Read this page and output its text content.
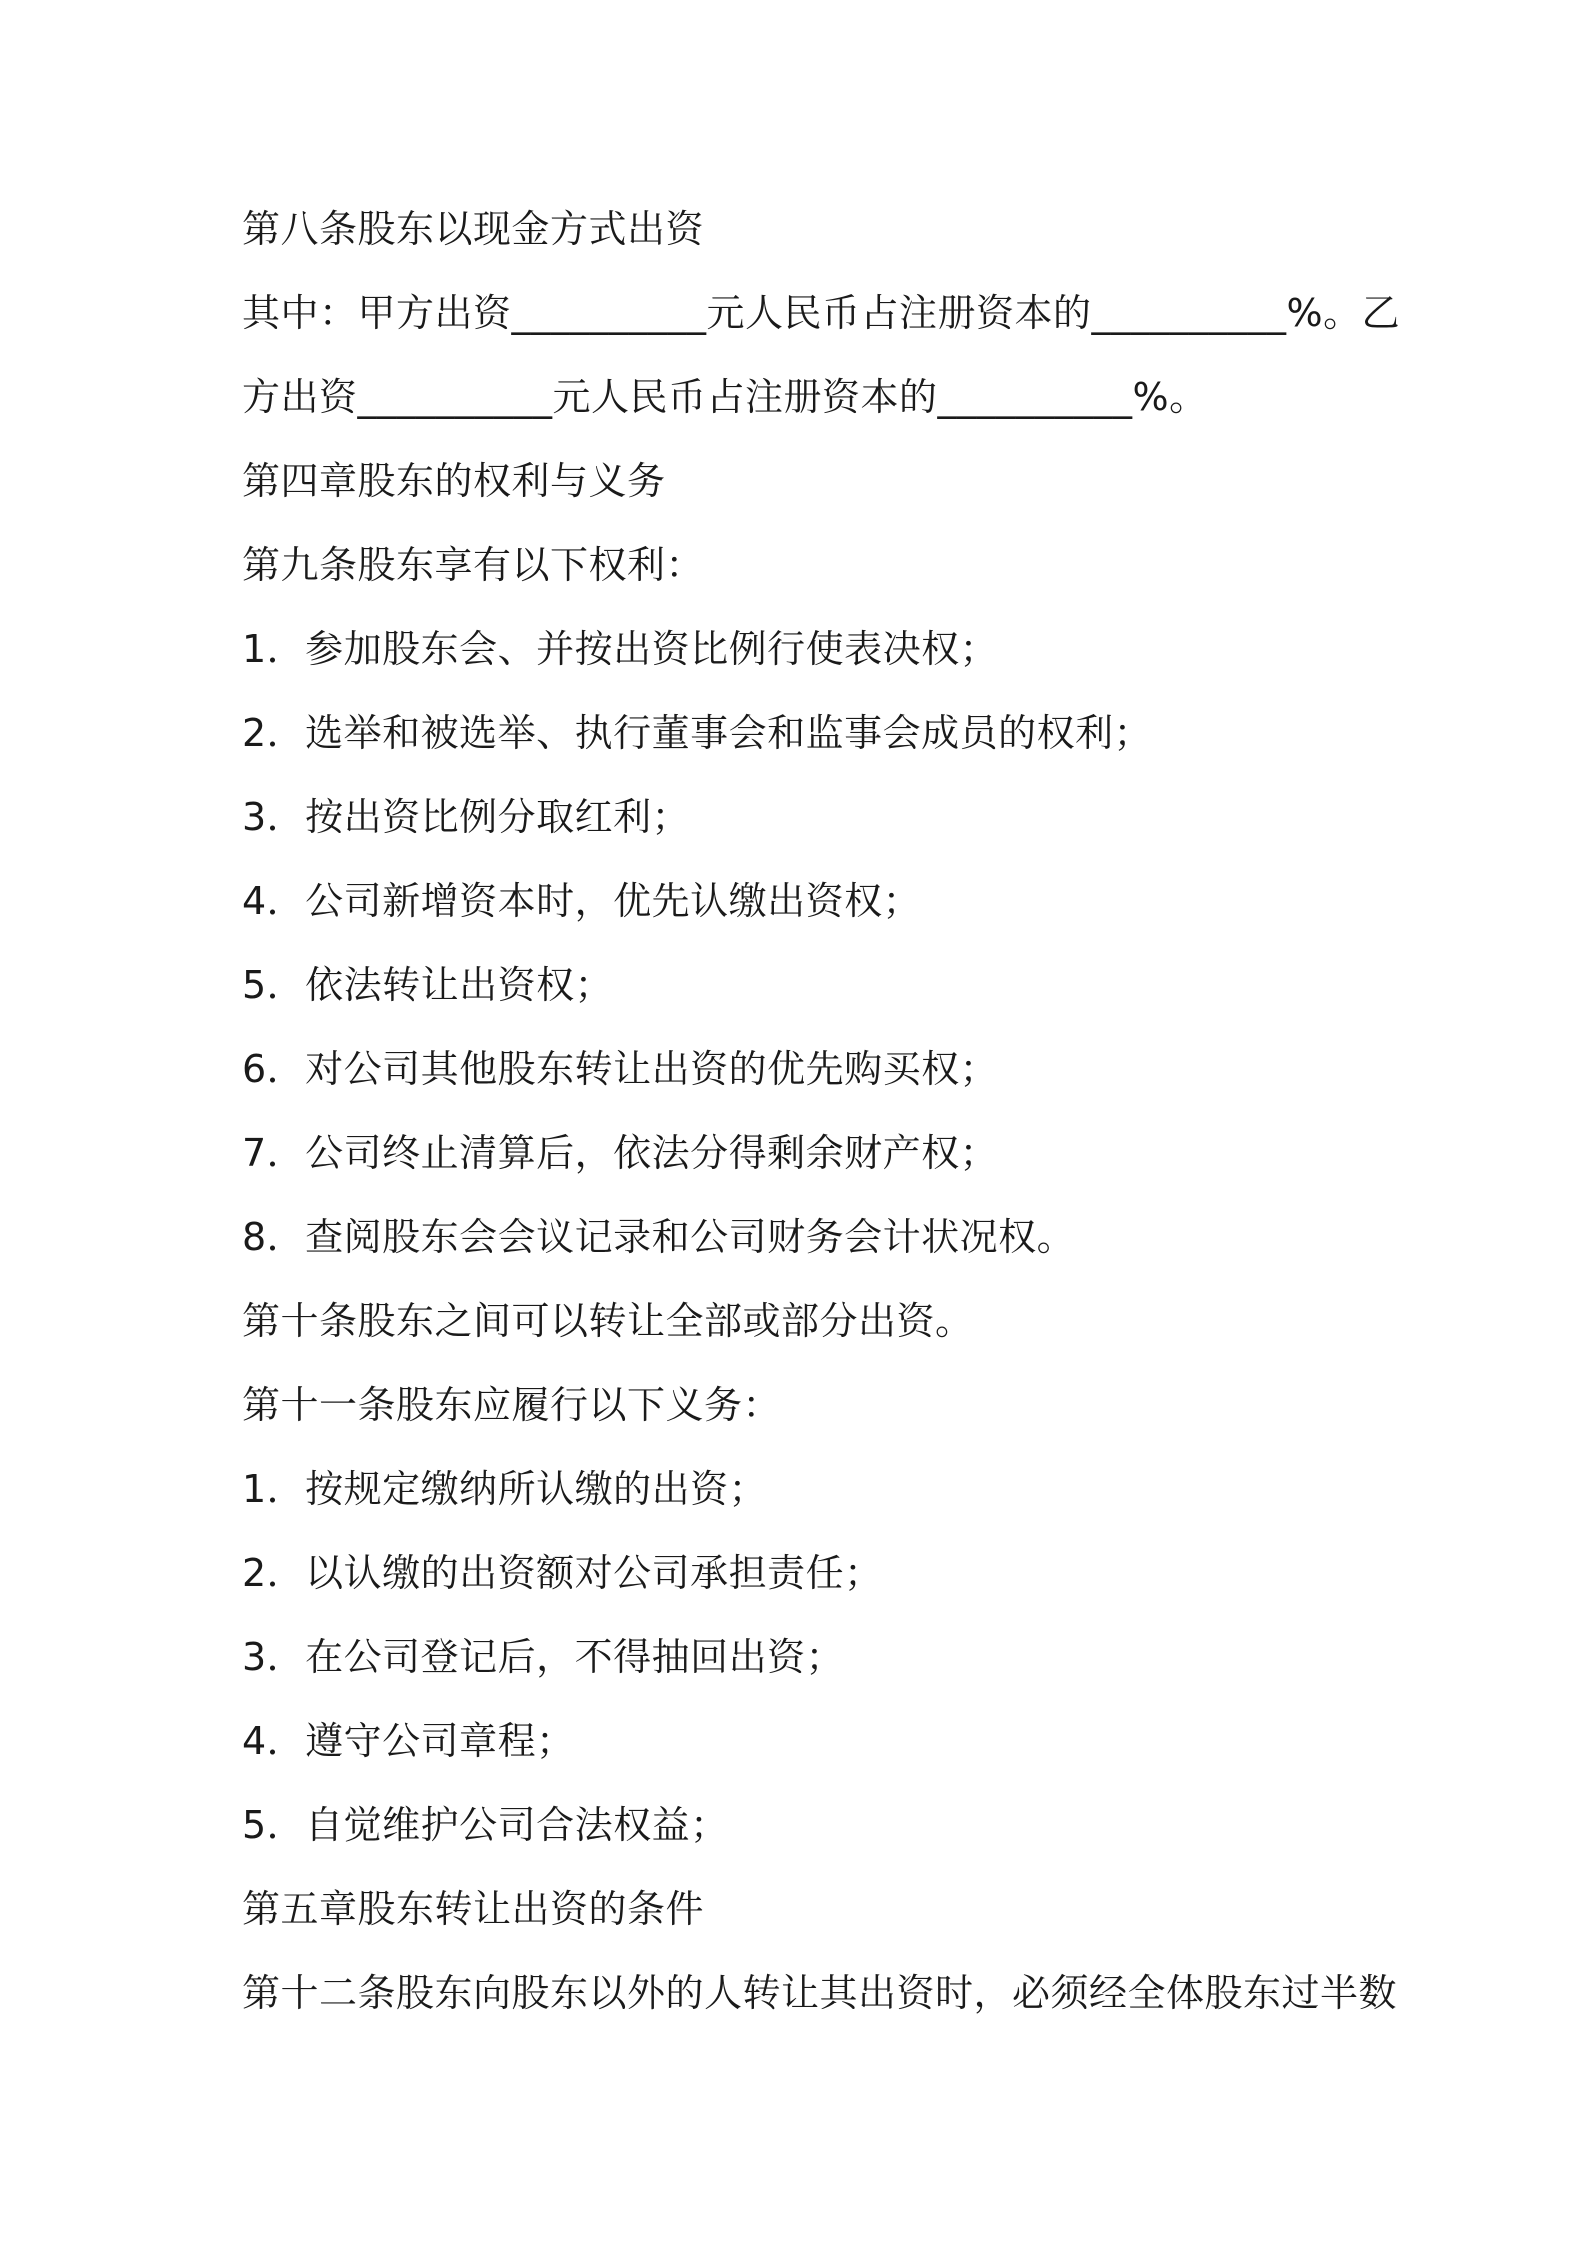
第八条股东以现金方式出资
其中：甲方出资__________元人民币占注册资本的__________%。乙
方出资__________元人民币占注册资本的__________%。
第四章股东的权利与义务
第九条股东享有以下权利：
1．参加股东会、并按出资比例行使表决权；
2．选举和被选举、执行董事会和监事会成员的权利；
3．按出资比例分取红利；
4．公司新增资本时，优先认缴出资权；
5．依法转让出资权；
6．对公司其他股东转让出资的优先购买权；
7．公司终止清算后，依法分得剩余财产权；
8．查阅股东会会议记录和公司财务会计状况权。
第十条股东之间可以转让全部或部分出资。
第十一条股东应履行以下义务：
1．按规定缴纳所认缴的出资；
2．以认缴的出资额对公司承担责任；
3．在公司登记后，不得抽回出资；
4．遵守公司章程；
5．自觉维护公司合法权益；
第五章股东转让出资的条件
第十二条股东向股东以外的人转让其出资时，必须经全体股东过半数
